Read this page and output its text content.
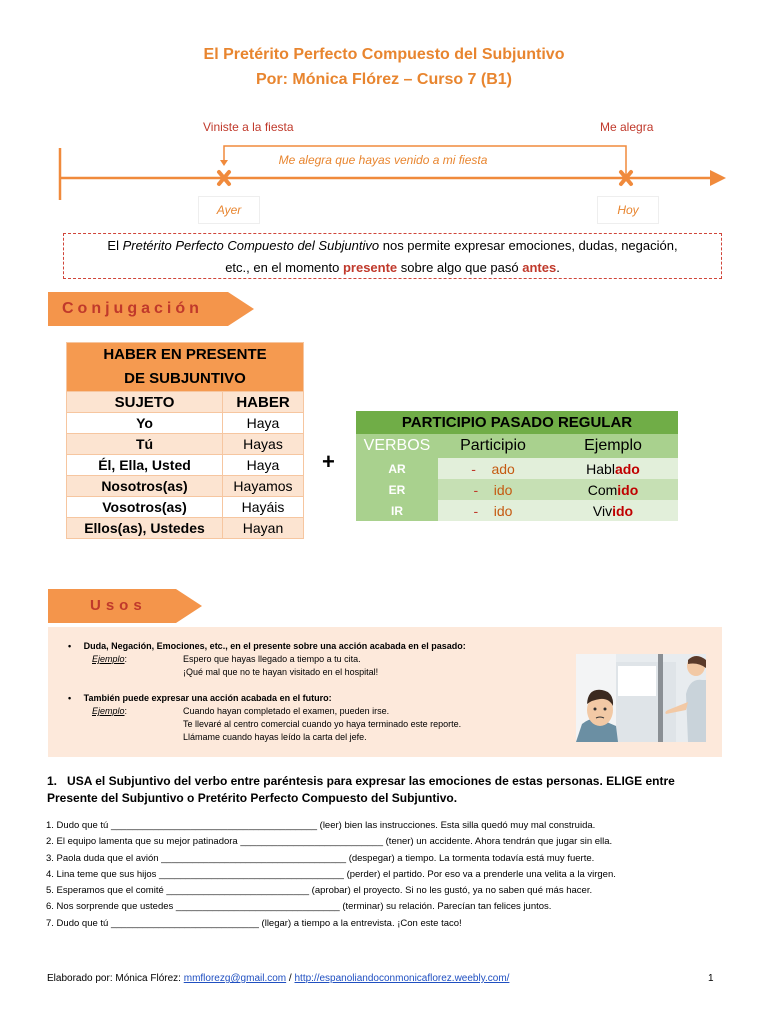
El Pretérito Perfecto Compuesto del Subjuntivo
Por: Mónica Flórez – Curso 7 (B1)
Viniste a la fiesta	Me alegra
Me alegra que hayas venido a mi fiesta
Ayer	Hoy
El Pretérito Perfecto Compuesto del Subjuntivo nos permite expresar emociones, dudas, negación,
etc., en el momento presente sobre algo que pasó antes.
Conjugación
HABER EN PRESENTE
DE SUBJUNTIVO	
SUJETO	HABER
Yo	Haya
Tú	Hayas
Él, Ella, Usted	Haya
Nosotros(as)	Hayamos
Vosotros(as)	Hayáis
Ellos(as), Ustedes	Hayan
+
PARTICIPIO PASADO REGULAR		
VERBOS	Participio	Ejemplo
AR	- ado	Hablado
ER	- ido	Comido
IR	- ido	Vivido
Usos
•     Duda, Negación, Emociones, etc., en el presente sobre una acción acabada en el pasado:
Ejemplo:	Espero que hayas llegado a tiempo a tu cita.
¡Qué mal que no te hayan visitado en el hospital!
•     También puede expresar una acción acabada en el futuro:
Ejemplo:	Cuando hayan completado el examen, pueden irse.
Te llevaré al centro comercial cuando yo haya terminado este reporte.
Llámame cuando hayas leído la carta del jefe.
1. USA el Subjuntivo del verbo entre paréntesis para expresar las emociones de estas personas. ELIGE entre
Presente del Subjuntivo o Pretérito Perfecto Compuesto del Subjuntivo.
1. Dudo que tú _______________________________________ (leer) bien las instrucciones. Esta silla quedó muy mal construida.
2. El equipo lamenta que su mejor patinadora ___________________________ (tener) un accidente. Ahora tendrán que jugar sin ella.
3. Paola duda que el avión ___________________________________ (despegar) a tiempo. La tormenta todavía está muy fuerte.
4. Lina teme que sus hijos ___________________________________ (perder) el partido. Por eso va a prenderle una velita a la virgen.
5. Esperamos que el comité ___________________________ (aprobar) el proyecto. Si no les gustó, ya no saben qué más hacer.
6. Nos sorprende que ustedes _______________________________ (terminar) su relación. Parecían tan felices juntos.
7. Dudo que tú ____________________________ (llegar) a tiempo a la entrevista. ¡Con este taco!
Elaborado por: Mónica Flórez: mmflorezg@gmail.com / http://espanoliandoconmonicaflorez.weebly.com/	1
